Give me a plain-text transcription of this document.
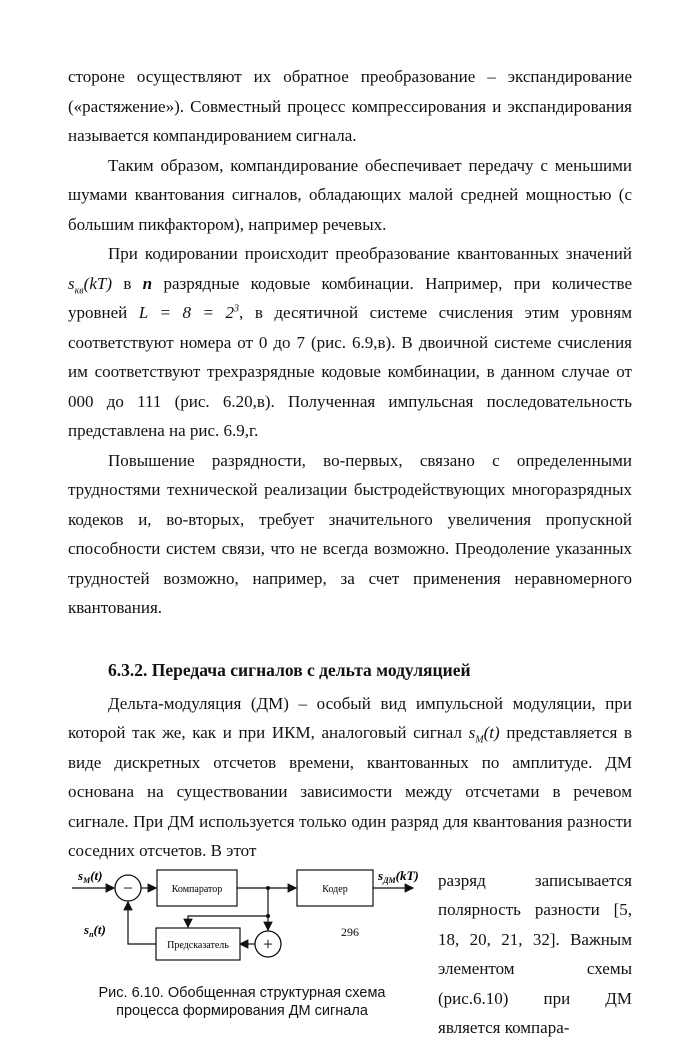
стороне осуществляют их обратное преобразование – экспандирование («растяжение»). Совместный процесс компрессирования и экспандирования называется компандированием сигнала.

Таким образом, компандирование обеспечивает передачу с меньшими шумами квантования сигналов, обладающих малой средней мощностью (с большим пикфактором), например речевых.

При кодировании происходит преобразование квантованных значений $s_{кв}(kT)$ в n разрядные кодовые комбинации. Например, при количестве уровней $L = 8 = 2^3$, в десятичной системе счисления этим уровням соответствуют номера от 0 до 7 (рис. 6.9,в). В двоичной системе счисления им соответствуют трехразрядные кодовые комбинации, в данном случае от 000 до 111 (рис. 6.20,в). Полученная импульсная последовательность представлена на рис. 6.9,г.

Повышение разрядности, во-первых, связано с определенными трудностями технической реализации быстродействующих многоразрядных кодеков и, во-вторых, требует значительного увеличения пропускной способности систем связи, что не всегда возможно. Преодоление указанных трудностей возможно, например, за счет применения неравномерного квантования.

6.3.2. Передача сигналов с дельта модуляцией

Дельта-модуляция (ДМ) – особый вид импульсной модуляции, при которой так же, как и при ИКМ, аналоговый сигнал $s_M(t)$ представляется в виде дискретных отсчетов времени, квантованных по амплитуде. ДМ основана на существовании зависимости между отсчетами в речевом сигнале. При ДМ используется только один разряд для квантования разности соседних отсчетов. В этот

sM(t)
−	Компаратор	Кодер
sДМ(kT)
+
Предсказатель
sп(t)
Рис. 6.10. Обобщенная структурная схема
процесса формирования ДМ сигнала

разряд записывается полярность разности [5, 18, 20, 21, 32]. Важным элементом схемы (рис.6.10) при ДМ является компара-

296
